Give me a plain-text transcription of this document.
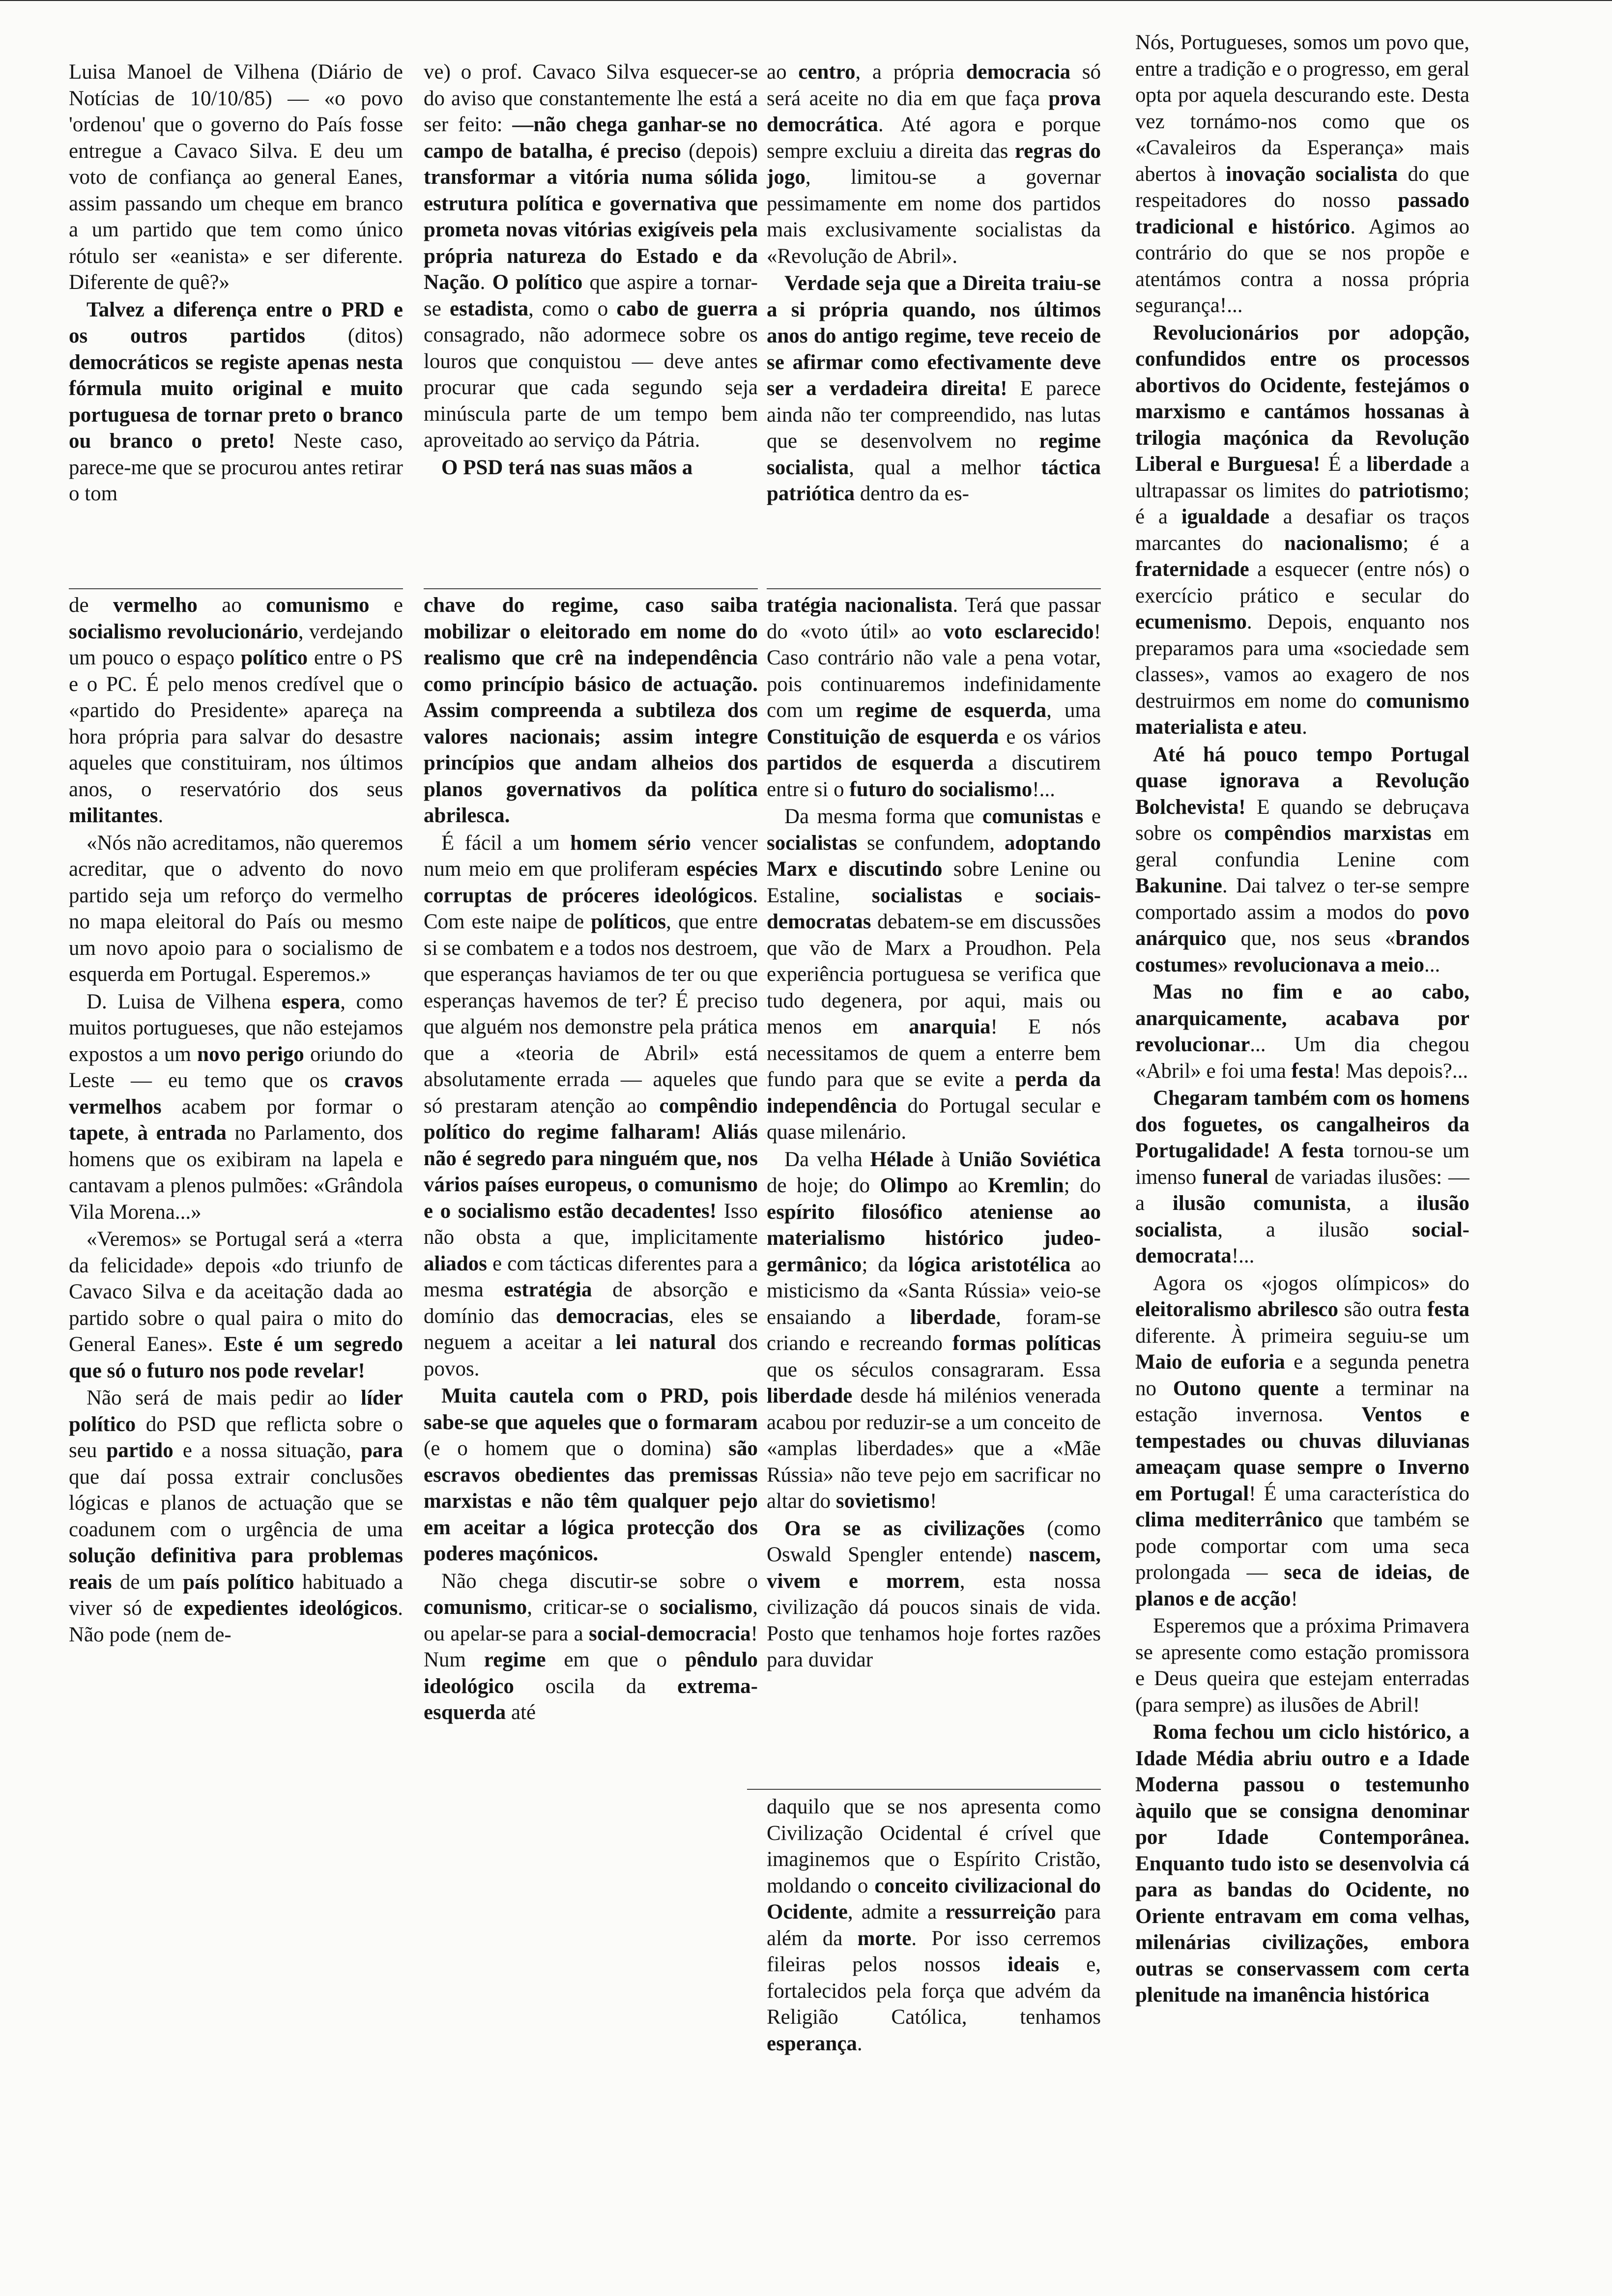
Luisa Manoel de Vilhena (Diário de Notícias de 10/10/85) — «o povo 'ordenou' que o governo do País fosse entregue a Cavaco Silva. E deu um voto de confiança ao general Eanes, assim passando um cheque em branco a um partido que tem como único rótulo ser «eanista» e ser diferente. Diferente de quê?»

Talvez a diferença entre o PRD e os outros partidos (ditos) democráticos se registe apenas nesta fórmula muito original e muito portuguesa de tornar preto o branco ou branco o preto! Neste caso, parece-me que se procurou antes retirar o tom

de vermelho ao comunismo e socialismo revolucionário, verdejando um pouco o espaço político entre o PS e o PC. É pelo menos credível que o «partido do Presidente» apareça na hora própria para salvar do desastre aqueles que constituiram, nos últimos anos, o reservatório dos seus militantes.

«Nós não acreditamos, não queremos acreditar, que o advento do novo partido seja um reforço do vermelho no mapa eleitoral do País ou mesmo um novo apoio para o socialismo de esquerda em Portugal. Esperemos.»

D. Luisa de Vilhena espera, como muitos portugueses, que não estejamos expostos a um novo perigo oriundo do Leste — eu temo que os cravos vermelhos acabem por formar o tapete, à entrada no Parlamento, dos homens que os exibiram na lapela e cantavam a plenos pulmões: «Grândola Vila Morena...»

«Veremos» se Portugal será a «terra da felicidade» depois «do triunfo de Cavaco Silva e da aceitação dada ao partido sobre o qual paira o mito do General Eanes». Este é um segredo que só o futuro nos pode revelar!

Não será de mais pedir ao líder político do PSD que reflicta sobre o seu partido e a nossa situação, para que daí possa extrair conclusões lógicas e planos de actuação que se coadunem com o urgência de uma solução definitiva para problemas reais de um país político habituado a viver só de expedientes ideológicos. Não pode (nem de-

ve) o prof. Cavaco Silva esquecer-se do aviso que constantemente lhe está a ser feito: —não chega ganhar-se no campo de batalha, é preciso (depois) transformar a vitória numa sólida estrutura política e governativa que prometa novas vitórias exigíveis pela própria natureza do Estado e da Nação. O político que aspire a tornar-se estadista, como o cabo de guerra consagrado, não adormece sobre os louros que conquistou — deve antes procurar que cada segundo seja minúscula parte de um tempo bem aproveitado ao serviço da Pátria.

O PSD terá nas suas mãos a

chave do regime, caso saiba mobilizar o eleitorado em nome do realismo que crê na independência como princípio básico de actuação. Assim compreenda a subtileza dos valores nacionais; assim integre princípios que andam alheios dos planos governativos da política abrilesca.

É fácil a um homem sério vencer num meio em que proliferam espécies corruptas de próceres ideológicos. Com este naipe de políticos, que entre si se combatem e a todos nos destroem, que esperanças haviamos de ter ou que esperanças havemos de ter? É preciso que alguém nos demonstre pela prática que a «teoria de Abril» está absolutamente errada — aqueles que só prestaram atenção ao compêndio político do regime falharam! Aliás não é segredo para ninguém que, nos vários países europeus, o comunismo e o socialismo estão decadentes! Isso não obsta a que, implicitamente aliados e com tácticas diferentes para a mesma estratégia de absorção e domínio das democracias, eles se neguem a aceitar a lei natural dos povos.

Muita cautela com o PRD, pois sabe-se que aqueles que o formaram (e o homem que o domina) são escravos obedientes das premissas marxistas e não têm qualquer pejo em aceitar a lógica protecção dos poderes maçónicos.

Não chega discutir-se sobre o comunismo, criticar-se o socialismo, ou apelar-se para a social-democracia! Num regime em que o pêndulo ideológico oscila da extrema-esquerda até

ao centro, a própria democracia só será aceite no dia em que faça prova democrática. Até agora e porque sempre excluiu a direita das regras do jogo, limitou-se a governar pessimamente em nome dos partidos mais exclusivamente socialistas da «Revolução de Abril».

Verdade seja que a Direita traiu-se a si própria quando, nos últimos anos do antigo regime, teve receio de se afirmar como efectivamente deve ser a verdadeira direita! E parece ainda não ter compreendido, nas lutas que se desenvolvem no regime socialista, qual a melhor táctica patriótica dentro da es-

tratégia nacionalista. Terá que passar do «voto útil» ao voto esclarecido! Caso contrário não vale a pena votar, pois continuaremos indefinidamente com um regime de esquerda, uma Constituição de esquerda e os vários partidos de esquerda a discutirem entre si o futuro do socialismo!...

Da mesma forma que comunistas e socialistas se confundem, adoptando Marx e discutindo sobre Lenine ou Estaline, socialistas e sociais-democratas debatem-se em discussões que vão de Marx a Proudhon. Pela experiência portuguesa se verifica que tudo degenera, por aqui, mais ou menos em anarquia! E nós necessitamos de quem a enterre bem fundo para que se evite a perda da independência do Portugal secular e quase milenário.

Da velha Hélade à União Soviética de hoje; do Olimpo ao Kremlin; do espírito filosófico ateniense ao materialismo histórico judeo-germânico; da lógica aristotélica ao misticismo da «Santa Rússia» veio-se ensaiando a liberdade, foram-se criando e recreando formas políticas que os séculos consagraram. Essa liberdade desde há milénios venerada acabou por reduzir-se a um conceito de «amplas liberdades» que a «Mãe Rússia» não teve pejo em sacrificar no altar do sovietismo!

Ora se as civilizações (como Oswald Spengler entende) nascem, vivem e morrem, esta nossa civilização dá poucos sinais de vida. Posto que tenhamos hoje fortes razões para duvidar

daquilo que se nos apresenta como Civilização Ocidental é crível que imaginemos que o Espírito Cristão, moldando o conceito civilizacional do Ocidente, admite a ressurreição para além da morte. Por isso cerremos fileiras pelos nossos ideais e, fortalecidos pela força que advém da Religião Católica, tenhamos esperança.

Nós, Portugueses, somos um povo que, entre a tradição e o progresso, em geral opta por aquela descurando este. Desta vez tornámo-nos como que os «Cavaleiros da Esperança» mais abertos à inovação socialista do que respeitadores do nosso passado tradicional e histórico. Agimos ao contrário do que se nos propõe e atentámos contra a nossa própria segurança!...

Revolucionários por adopção, confundidos entre os processos abortivos do Ocidente, festejámos o marxismo e cantámos hossanas à trilogia maçónica da Revolução Liberal e Burguesa! É a liberdade a ultrapassar os limites do patriotismo; é a igualdade a desafiar os traços marcantes do nacionalismo; é a fraternidade a esquecer (entre nós) o exercício prático e secular do ecumenismo. Depois, enquanto nos preparamos para uma «sociedade sem classes», vamos ao exagero de nos destruirmos em nome do comunismo materialista e ateu.

Até há pouco tempo Portugal quase ignorava a Revolução Bolchevista! E quando se debruçava sobre os compêndios marxistas em geral confundia Lenine com Bakunine. Dai talvez o ter-se sempre comportado assim a modos do povo anárquico que, nos seus «brandos costumes» revolucionava a meio...

Mas no fim e ao cabo, anarquicamente, acabava por revolucionar... Um dia chegou «Abril» e foi uma festa! Mas depois?...

Chegaram também com os homens dos foguetes, os cangalheiros da Portugalidade! A festa tornou-se um imenso funeral de variadas ilusões: — a ilusão comunista, a ilusão socialista, a ilusão social-democrata!...

Agora os «jogos olímpicos» do eleitoralismo abrilesco são outra festa diferente. À primeira seguiu-se um Maio de euforia e a segunda penetra no Outono quente a terminar na estação invernosa. Ventos e tempestades ou chuvas diluvianas ameaçam quase sempre o Inverno em Portugal! É uma característica do clima mediterrânico que também se pode comportar com uma seca prolongada — seca de ideias, de planos e de acção!

Esperemos que a próxima Primavera se apresente como estação promissora e Deus queira que estejam enterradas (para sempre) as ilusões de Abril!

Roma fechou um ciclo histórico, a Idade Média abriu outro e a Idade Moderna passou o testemunho àquilo que se consigna denominar por Idade Contemporânea. Enquanto tudo isto se desenvolvia cá para as bandas do Ocidente, no Oriente entravam em coma velhas, milenárias civilizações, embora outras se conservassem com certa plenitude na imanência histórica
